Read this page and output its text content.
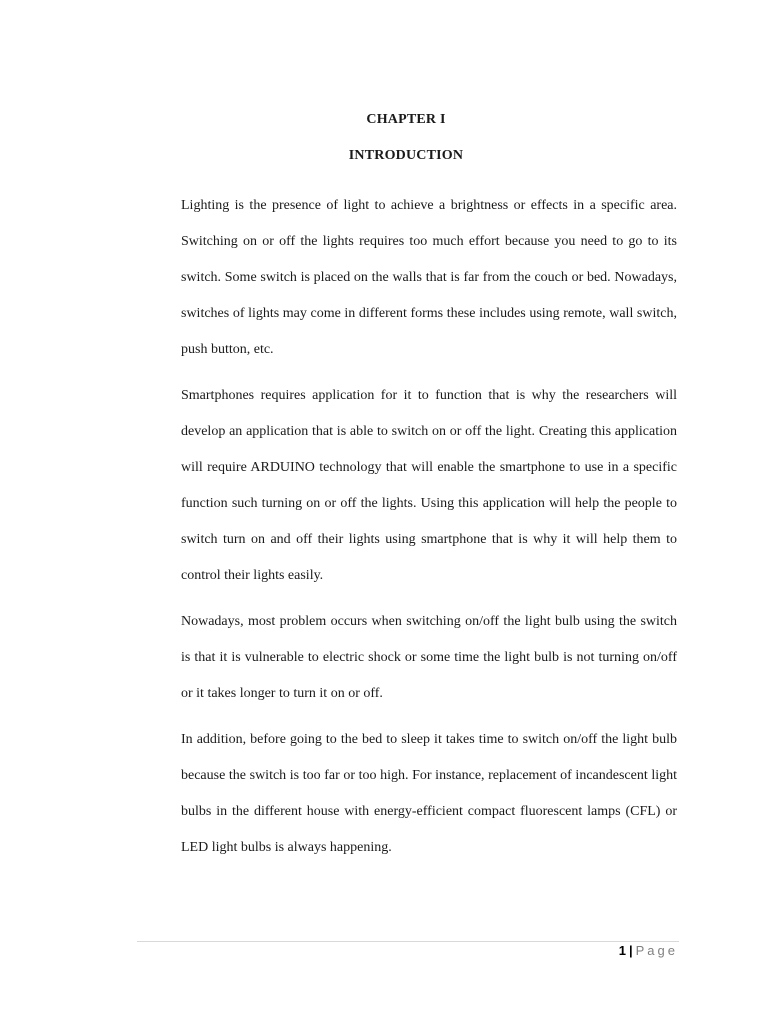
CHAPTER I
INTRODUCTION

Lighting is the presence of light to achieve a brightness or effects in a specific area. Switching on or off the lights requires too much effort because you need to go to its switch. Some switch is placed on the walls that is far from the couch or bed. Nowadays, switches of lights may come in different forms these includes using remote, wall switch, push button, etc.

Smartphones requires application for it to function that is why the researchers will develop an application that is able to switch on or off the light. Creating this application will require ARDUINO technology that will enable the smartphone to use in a specific function such turning on or off the lights. Using this application will help the people to switch turn on and off their lights using smartphone that is why it will help them to control their lights easily.

Nowadays, most problem occurs when switching on/off the light bulb using the switch is that it is vulnerable to electric shock or some time the light bulb is not turning on/off or it takes longer to turn it on or off.

In addition, before going to the bed to sleep it takes time to switch on/off the light bulb because the switch is too far or too high. For instance, replacement of incandescent light bulbs in the different house with energy-efficient compact fluorescent lamps (CFL) or LED light bulbs is always happening.

1 | Page
